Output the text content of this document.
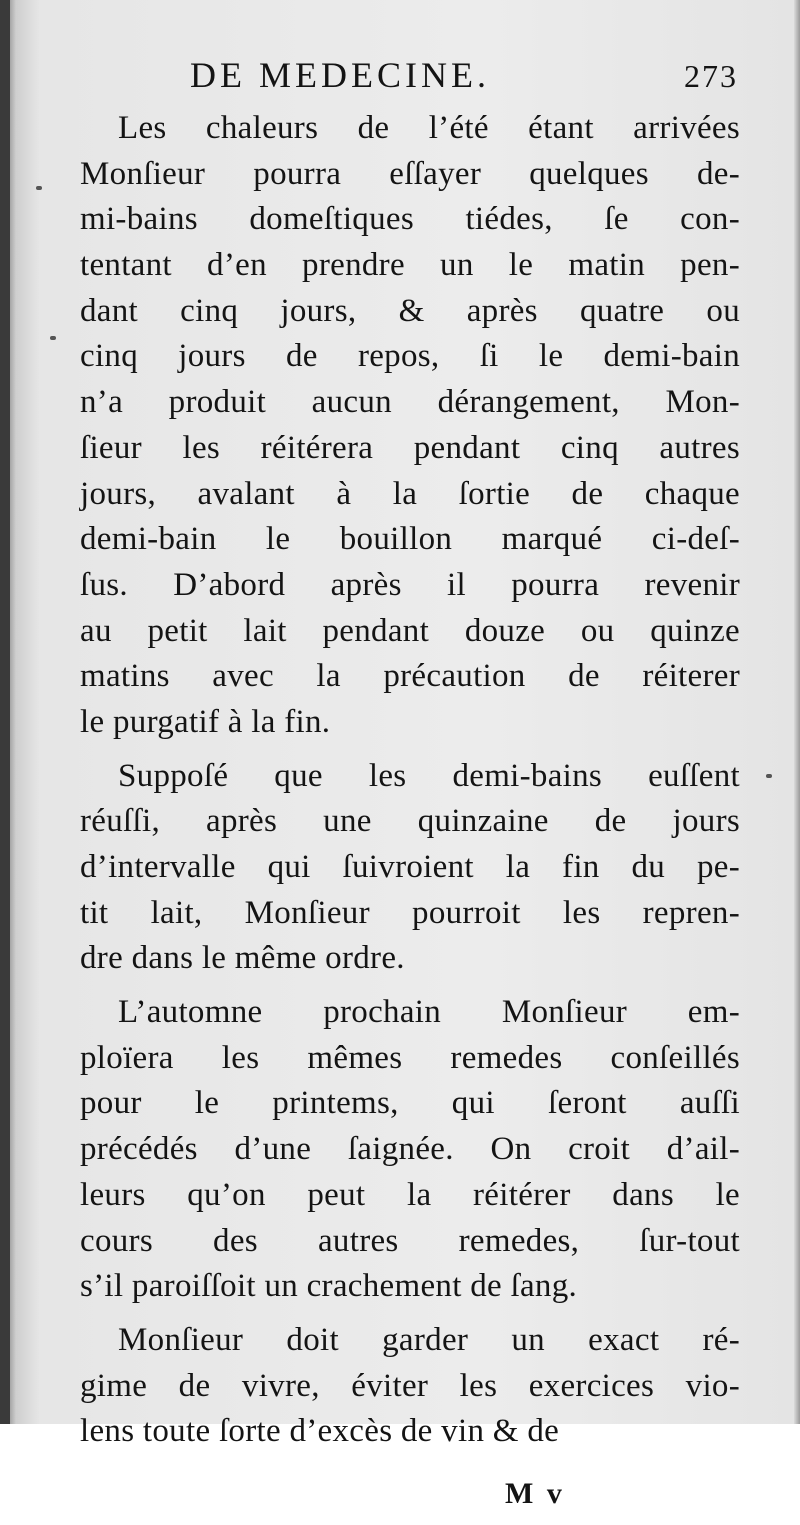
DE MEDECINE.	273
Les chaleurs de l’été étant arrivées
Monſieur pourra eſſayer quelques de-
mi-bains domeſtiques tiédes, ſe con-
tentant d’en prendre un le matin pen-
dant cinq jours, & après quatre ou
cinq jours de repos, ſi le demi-bain
n’a produit aucun dérangement, Mon-
ſieur les réitérera pendant cinq autres
jours, avalant à la ſortie de chaque
demi-bain le bouillon marqué ci-deſ-
ſus. D’abord après il pourra revenir
au petit lait pendant douze ou quinze
matins avec la précaution de réiterer
le purgatif à la fin.
Suppoſé que les demi-bains euſſent
réuſſi, après une quinzaine de jours
d’intervalle qui ſuivroient la fin du pe-
tit lait, Monſieur pourroit les repren-
dre dans le même ordre.
L’automne prochain Monſieur em-
ploïera les mêmes remedes conſeillés
pour le printems, qui ſeront auſſi
précédés d’une ſaignée. On croit d’ail-
leurs qu’on peut la réitérer dans le
cours des autres remedes, ſur-tout
s’il paroiſſoit un crachement de ſang.
Monſieur doit garder un exact ré-
gime de vivre, éviter les exercices vio-
lens toute ſorte d’excès de vin & de
M v
